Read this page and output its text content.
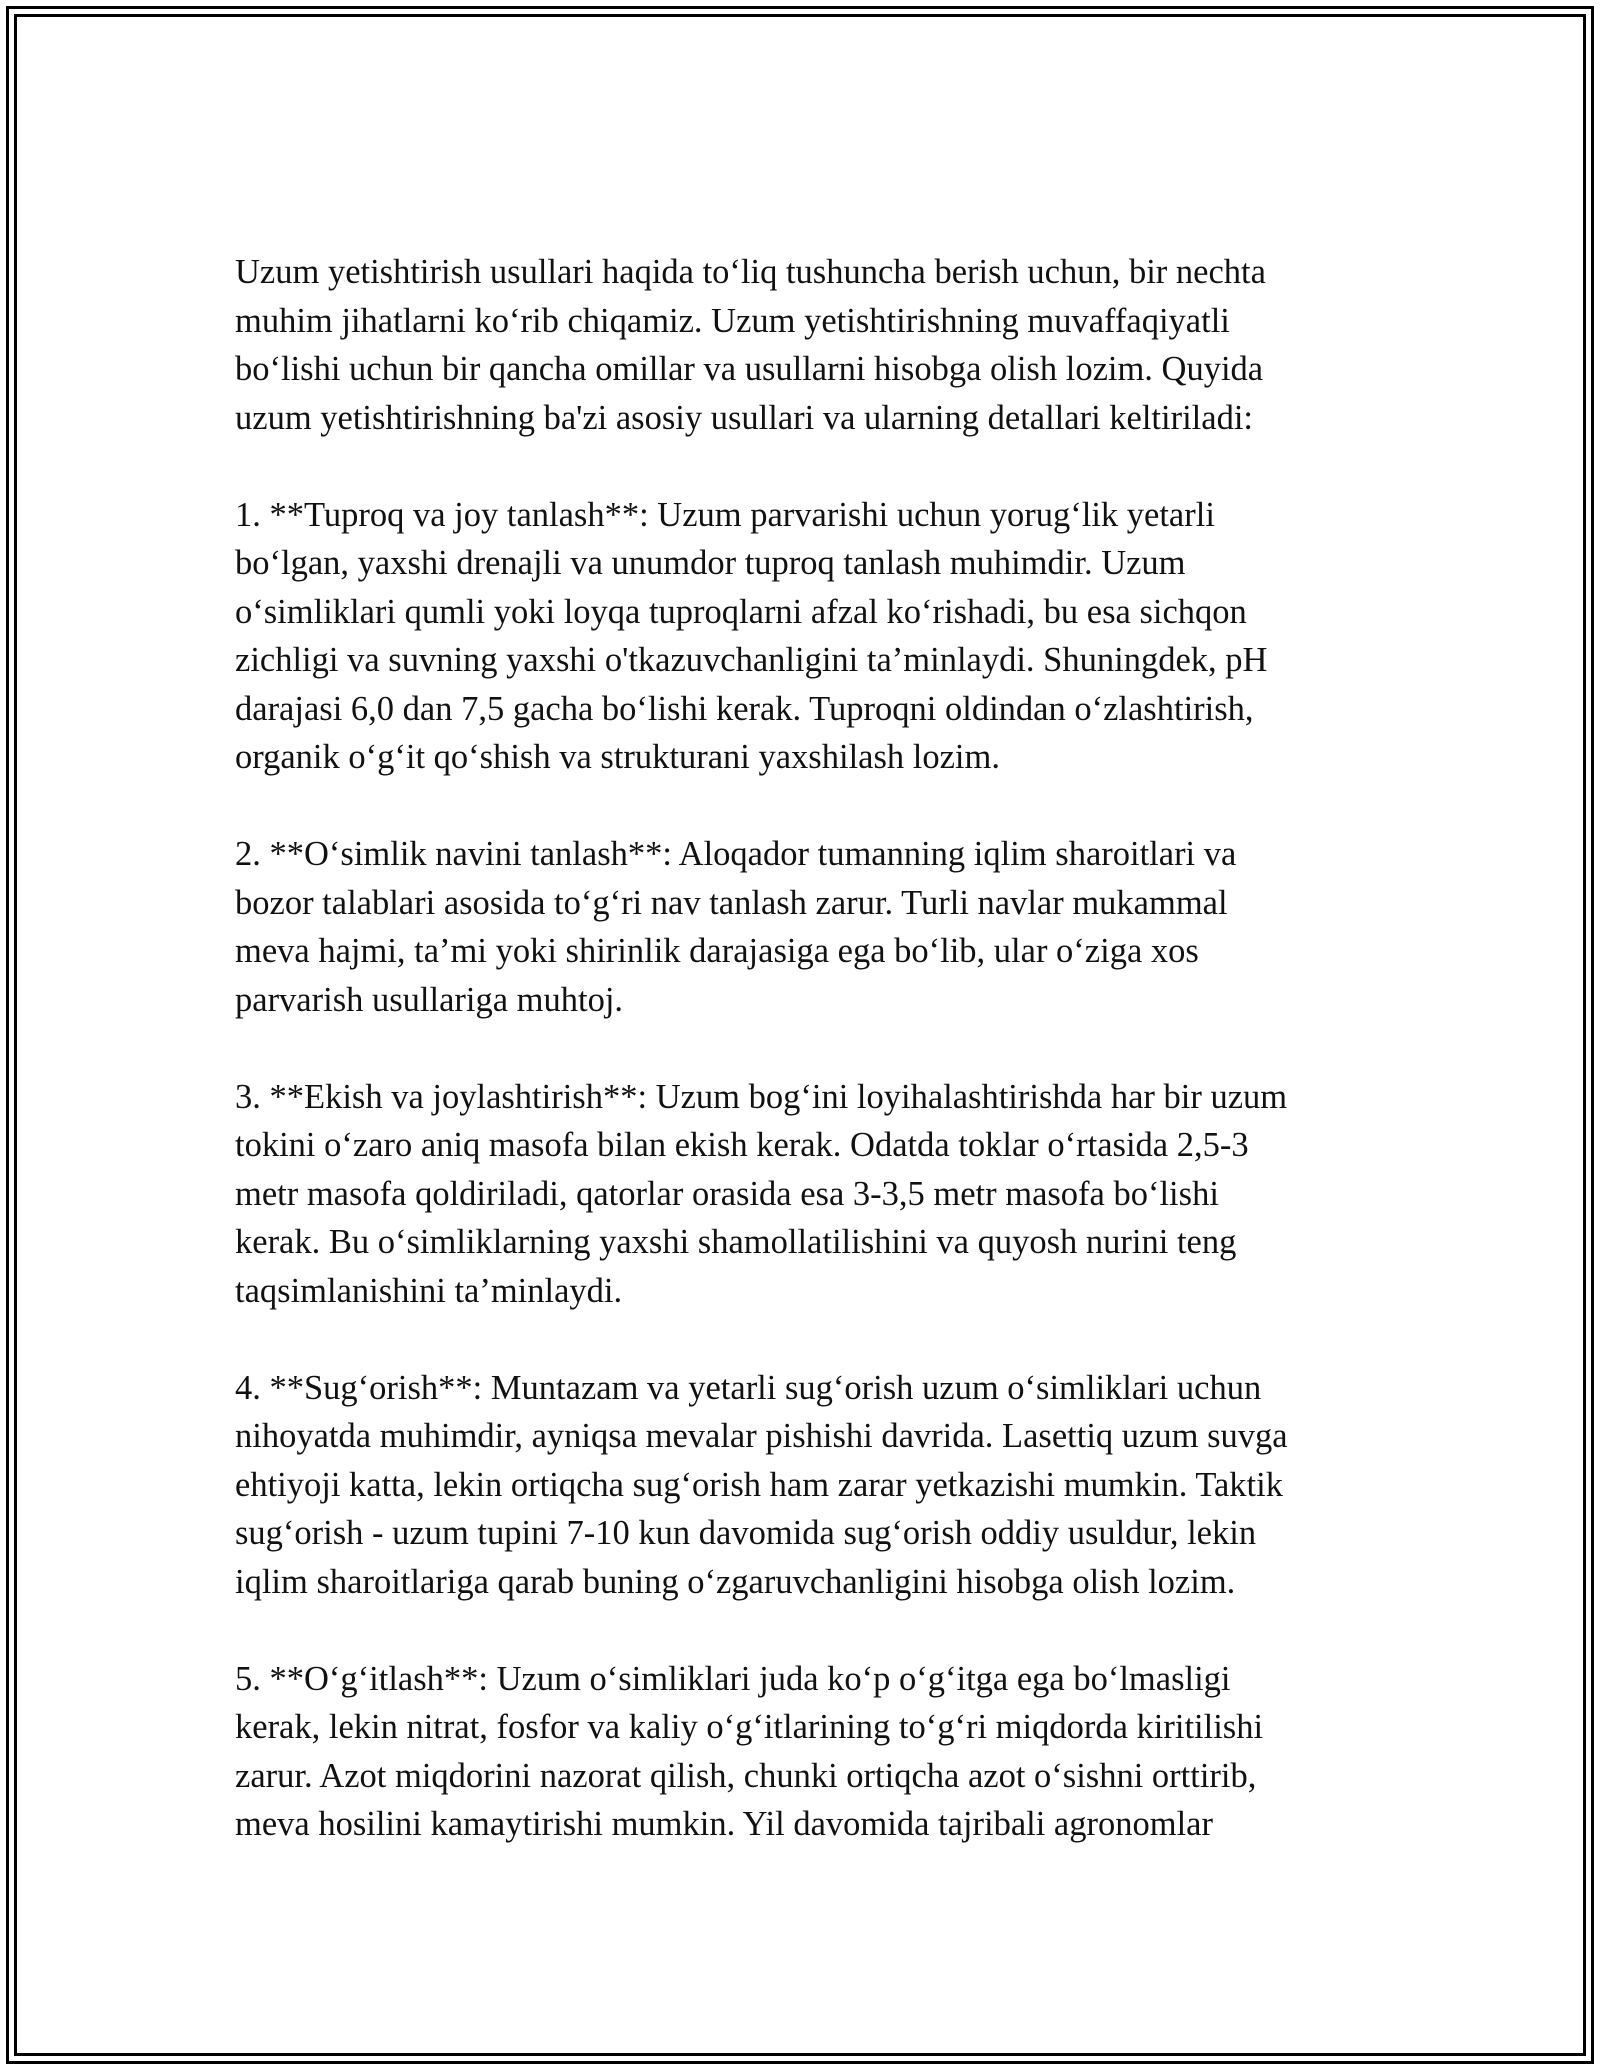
Uzum yetishtirish usullari haqida to‘liq tushuncha berish uchun, bir nechta
muhim jihatlarni ko‘rib chiqamiz. Uzum yetishtirishning muvaffaqiyatli
bo‘lishi uchun bir qancha omillar va usullarni hisobga olish lozim. Quyida
uzum yetishtirishning ba'zi asosiy usullari va ularning detallari keltiriladi:

1. **Tuproq va joy tanlash**: Uzum parvarishi uchun yorug‘lik yetarli
bo‘lgan, yaxshi drenajli va unumdor tuproq tanlash muhimdir. Uzum
o‘simliklari qumli yoki loyqa tuproqlarni afzal ko‘rishadi, bu esa sichqon
zichligi va suvning yaxshi o'tkazuvchanligini ta’minlaydi. Shuningdek, pH
darajasi 6,0 dan 7,5 gacha bo‘lishi kerak. Tuproqni oldindan o‘zlashtirish,
organik o‘g‘it qo‘shish va strukturani yaxshilash lozim.

2. **O‘simlik navini tanlash**: Aloqador tumanning iqlim sharoitlari va
bozor talablari asosida to‘g‘ri nav tanlash zarur. Turli navlar mukammal
meva hajmi, ta’mi yoki shirinlik darajasiga ega bo‘lib, ular o‘ziga xos
parvarish usullariga muhtoj.

3. **Ekish va joylashtirish**: Uzum bog‘ini loyihalashtirishda har bir uzum
tokini o‘zaro aniq masofa bilan ekish kerak. Odatda toklar o‘rtasida 2,5-3
metr masofa qoldiriladi, qatorlar orasida esa 3-3,5 metr masofa bo‘lishi
kerak. Bu o‘simliklarning yaxshi shamollatilishini va quyosh nurini teng
taqsimlanishini ta’minlaydi.

4. **Sug‘orish**: Muntazam va yetarli sug‘orish uzum o‘simliklari uchun
nihoyatda muhimdir, ayniqsa mevalar pishishi davrida. Lasettiq uzum suvga
ehtiyoji katta, lekin ortiqcha sug‘orish ham zarar yetkazishi mumkin. Taktik
sug‘orish - uzum tupini 7-10 kun davomida sug‘orish oddiy usuldur, lekin
iqlim sharoitlariga qarab buning o‘zgaruvchanligini hisobga olish lozim.

5. **O‘g‘itlash**: Uzum o‘simliklari juda ko‘p o‘g‘itga ega bo‘lmasligi
kerak, lekin nitrat, fosfor va kaliy o‘g‘itlarining to‘g‘ri miqdorda kiritilishi
zarur. Azot miqdorini nazorat qilish, chunki ortiqcha azot o‘sishni orttirib,
meva hosilini kamaytirishi mumkin. Yil davomida tajribali agronomlar
